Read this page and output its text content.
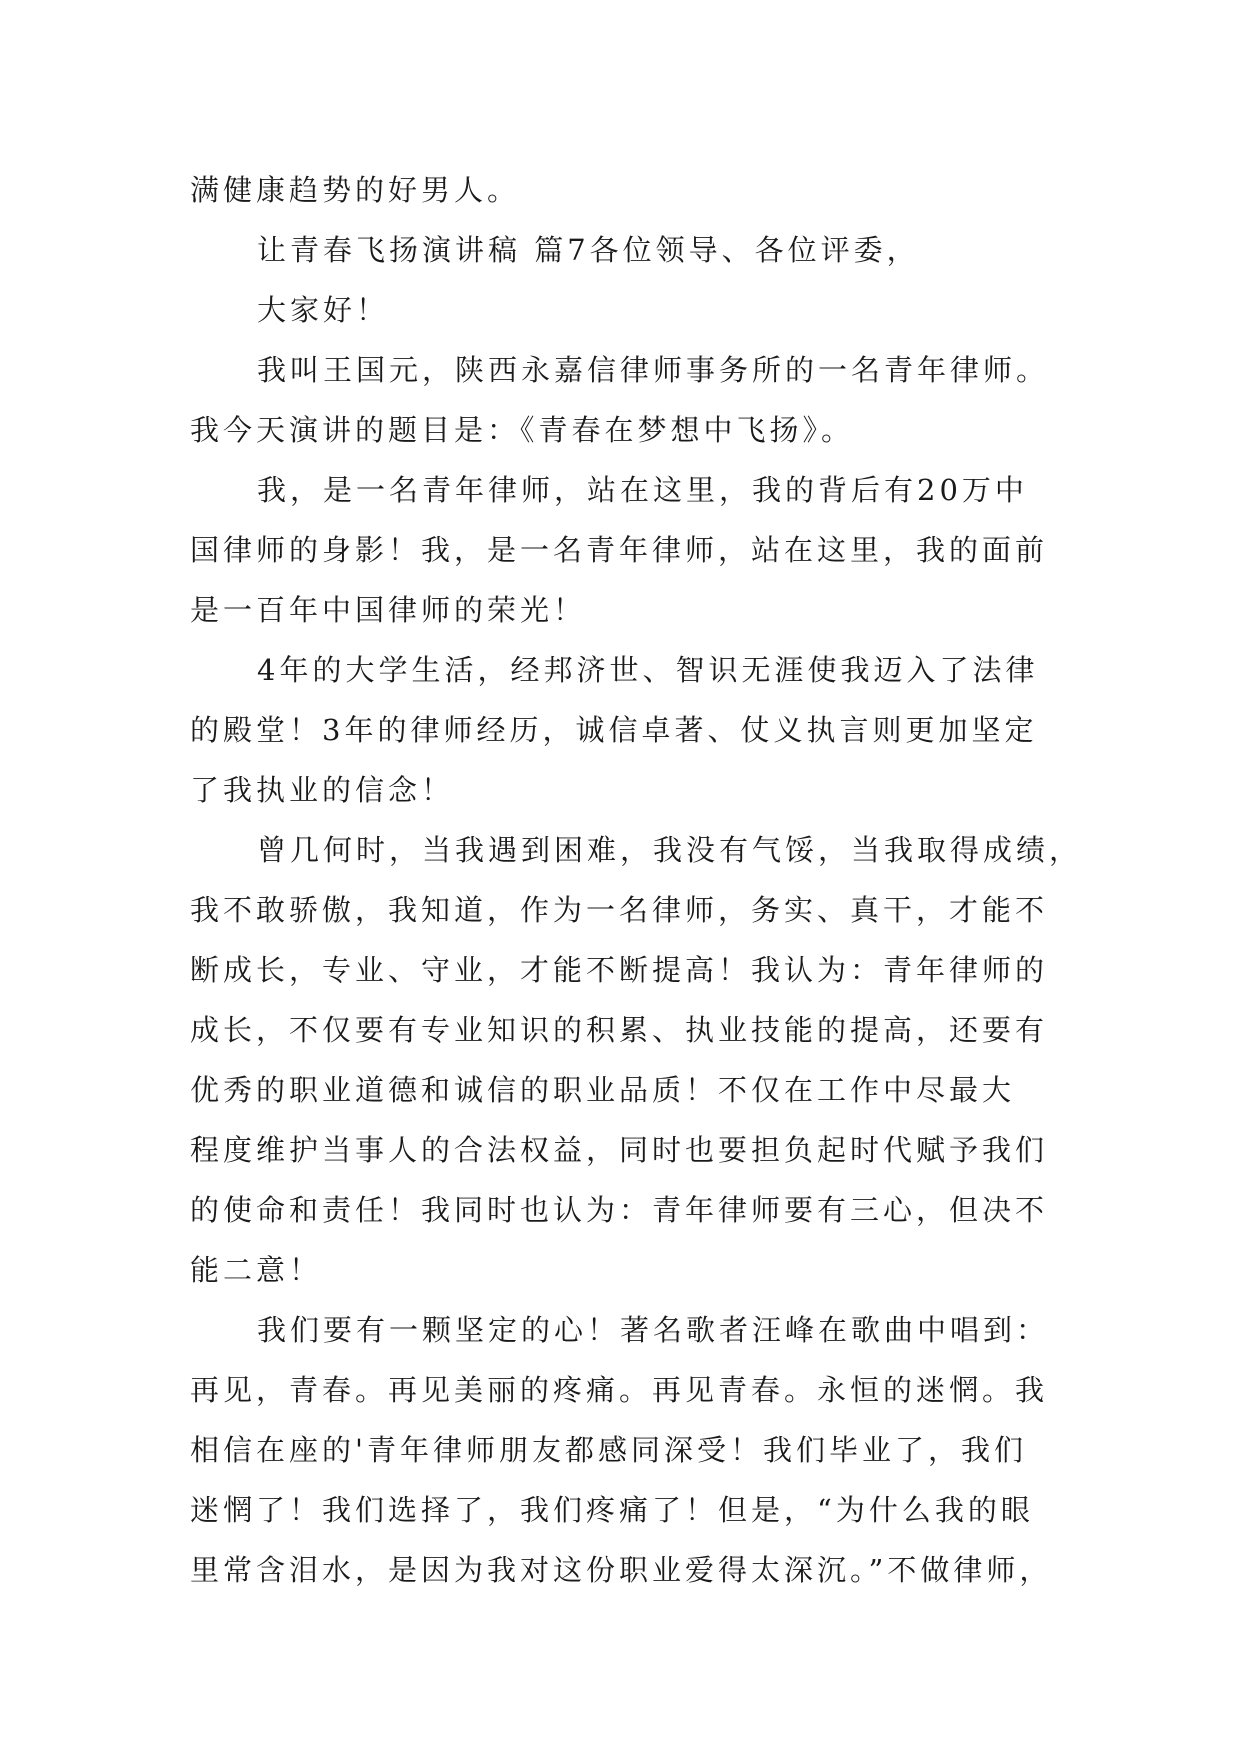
满健康趋势的好男人。
让青春飞扬演讲稿 篇7各位领导、各位评委，
大家好！
我叫王国元，陕西永嘉信律师事务所的一名青年律师。
我今天演讲的题目是：《青春在梦想中飞扬》。
我，是一名青年律师，站在这里，我的背后有20万中
国律师的身影！我，是一名青年律师，站在这里，我的面前
是一百年中国律师的荣光！
4年的大学生活，经邦济世、智识无涯使我迈入了法律
的殿堂！3年的律师经历，诚信卓著、仗义执言则更加坚定
了我执业的信念！
曾几何时，当我遇到困难，我没有气馁，当我取得成绩，
我不敢骄傲，我知道，作为一名律师，务实、真干，才能不
断成长，专业、守业，才能不断提高！我认为：青年律师的
成长，不仅要有专业知识的积累、执业技能的提高，还要有
优秀的职业道德和诚信的职业品质！不仅在工作中尽最大
程度维护当事人的合法权益，同时也要担负起时代赋予我们
的使命和责任！我同时也认为：青年律师要有三心，但决不
能二意！
我们要有一颗坚定的心！著名歌者汪峰在歌曲中唱到：
再见，青春。再见美丽的疼痛。再见青春。永恒的迷惘。我
相信在座的'青年律师朋友都感同深受！我们毕业了，我们
迷惘了！我们选择了，我们疼痛了！但是，“为什么我的眼
里常含泪水，是因为我对这份职业爱得太深沉。”不做律师，
